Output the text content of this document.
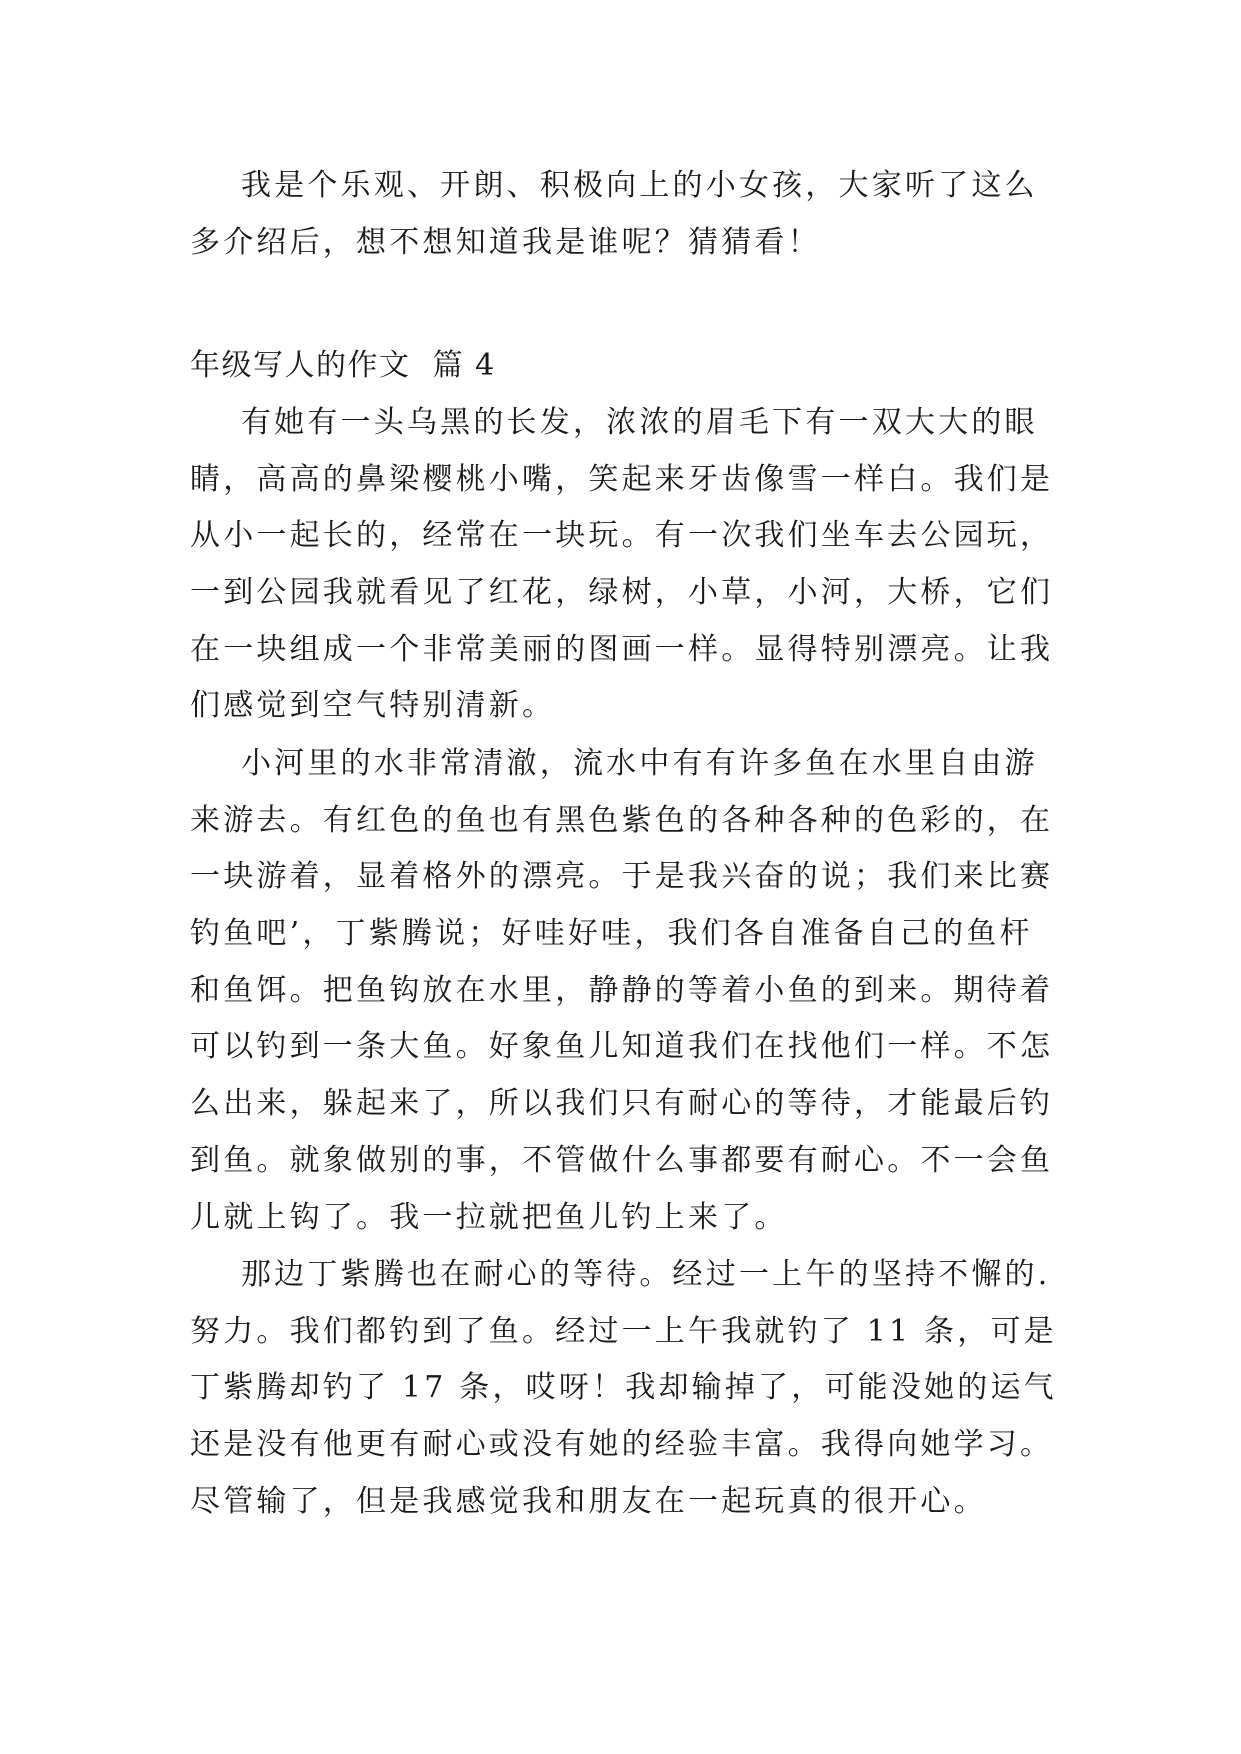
我是个乐观、开朗、积极向上的小女孩，大家听了这么
多介绍后，想不想知道我是谁呢？猜猜看！
年级写人的作文  篇 4
有她有一头乌黑的长发，浓浓的眉毛下有一双大大的眼
睛，高高的鼻梁樱桃小嘴，笑起来牙齿像雪一样白。我们是
从小一起长的，经常在一块玩。有一次我们坐车去公园玩，
一到公园我就看见了红花，绿树，小草，小河，大桥，它们
在一块组成一个非常美丽的图画一样。显得特别漂亮。让我
们感觉到空气特别清新。
小河里的水非常清澈，流水中有有许多鱼在水里自由游
来游去。有红色的鱼也有黑色紫色的各种各种的色彩的，在
一块游着，显着格外的漂亮。于是我兴奋的说；我们来比赛
钓鱼吧’，丁紫腾说；好哇好哇，我们各自准备自己的鱼杆
和鱼饵。把鱼钩放在水里，静静的等着小鱼的到来。期待着
可以钓到一条大鱼。好象鱼儿知道我们在找他们一样。不怎
么出来，躲起来了，所以我们只有耐心的等待，才能最后钓
到鱼。就象做别的事，不管做什么事都要有耐心。不一会鱼
儿就上钩了。我一拉就把鱼儿钓上来了。
那边丁紫腾也在耐心的等待。经过一上午的坚持不懈的.
努力。我们都钓到了鱼。经过一上午我就钓了 11 条，可是
丁紫腾却钓了 17 条，哎呀！我却输掉了，可能没她的运气
还是没有他更有耐心或没有她的经验丰富。我得向她学习。
尽管输了，但是我感觉我和朋友在一起玩真的很开心。
